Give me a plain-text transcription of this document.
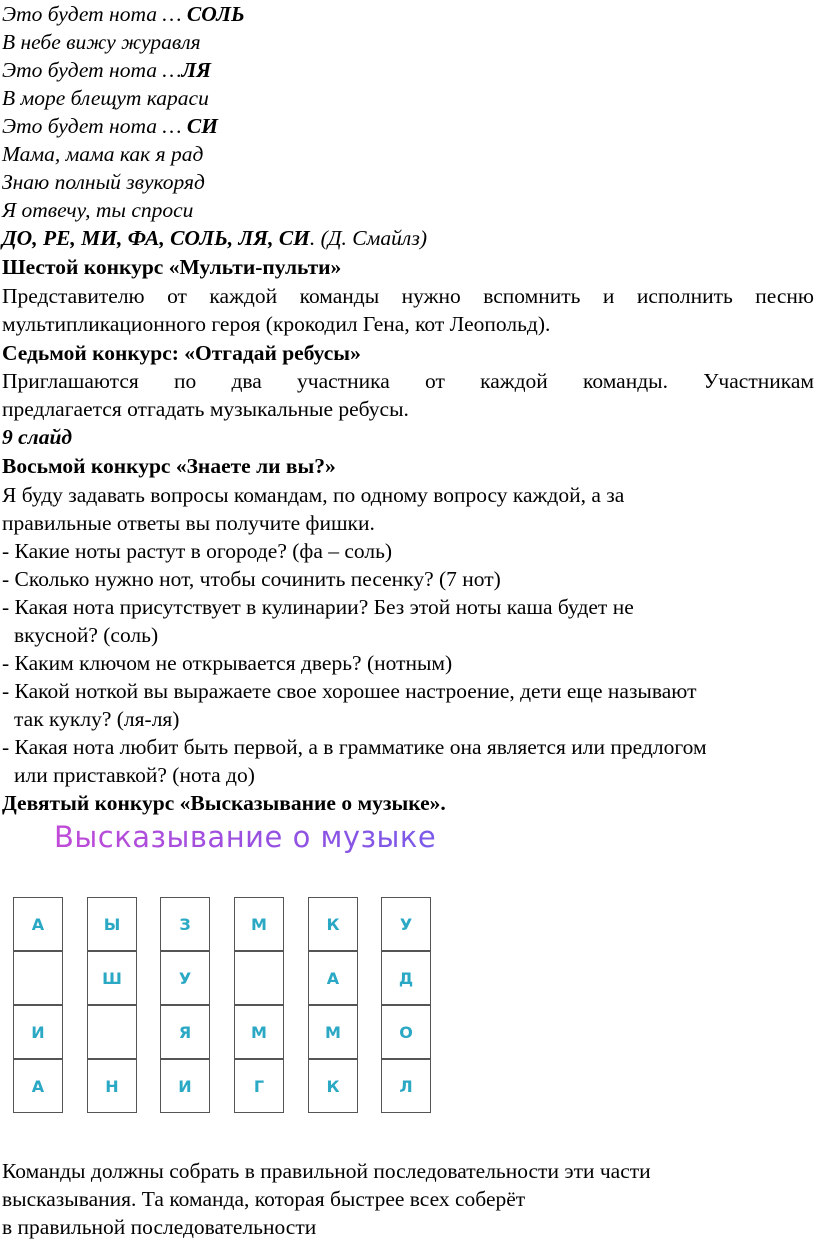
Это будет нота … СОЛЬ
В небе вижу журавля
Это будет нота …ЛЯ
В море блещут караси
Это будет нота … СИ
Мама, мама как я рад
Знаю полный звукоряд
Я отвечу, ты спроси
ДО, РЕ, МИ, ФА, СОЛЬ, ЛЯ, СИ. (Д. Смайлз)
Шестой конкурс «Мульти-пульти»
Представителю от каждой команды нужно вспомнить и исполнить песню
мультипликационного героя (крокодил Гена, кот Леопольд).
Седьмой конкурс: «Отгадай ребусы»
Приглашаются по два участника от каждой команды. Участникам
предлагается отгадать музыкальные ребусы.
9 слайд
Восьмой конкурс «Знаете ли вы?»
Я буду задавать вопросы командам, по одному вопросу каждой, а за
правильные ответы вы получите фишки.
- Какие ноты растут в огороде? (фа – соль)
- Сколько нужно нот, чтобы сочинить песенку? (7 нот)
- Какая нота присутствует в кулинарии? Без этой ноты каша будет не
вкусной? (соль)
- Каким ключом не открывается дверь? (нотным)
- Какой ноткой вы выражаете свое хорошее настроение, дети еще называют
так куклу? (ля-ля)
- Какая нота любит быть первой, а в грамматике она является или предлогом
или приставкой? (нота до)
Девятый конкурс «Высказывание о музыке».
Высказывание о музыке
А
И
А
Ы
Ш
Н
З
У
Я
И
М
М
Г
К
А
М
К
У
Д
О
Л
Команды должны собрать в правильной последовательности эти части
высказывания. Та команда, которая быстрее всех соберёт
в правильной последовательности
